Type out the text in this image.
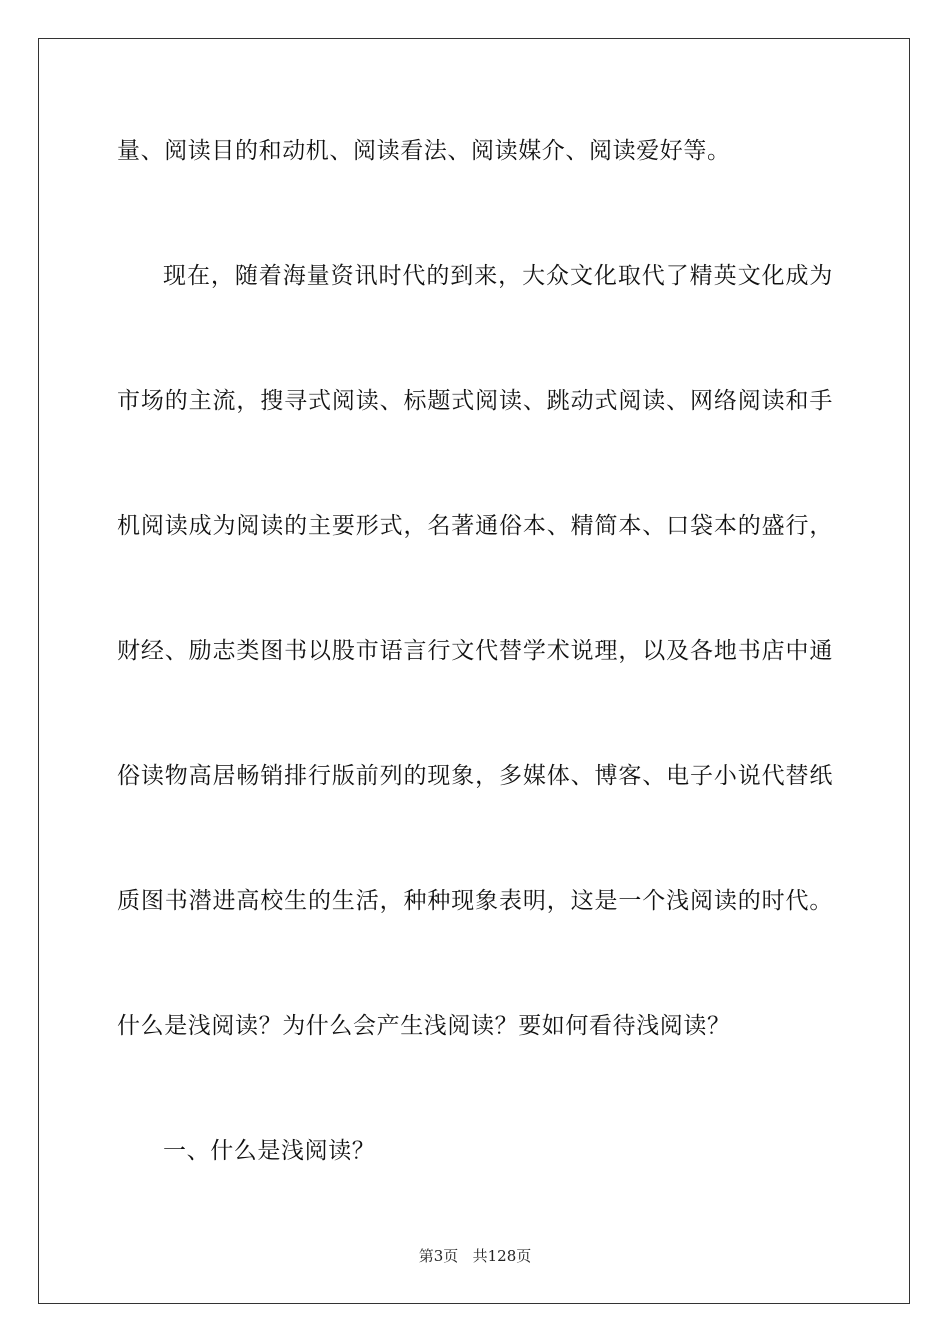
量、阅读目的和动机、阅读看法、阅读媒介、阅读爱好等。
现在，随着海量资讯时代的到来，大众文化取代了精英文化成为
市场的主流，搜寻式阅读、标题式阅读、跳动式阅读、网络阅读和手
机阅读成为阅读的主要形式，名著通俗本、精简本、口袋本的盛行，
财经、励志类图书以股市语言行文代替学术说理，以及各地书店中通
俗读物高居畅销排行版前列的现象，多媒体、博客、电子小说代替纸
质图书潜进高校生的生活，种种现象表明，这是一个浅阅读的时代。
什么是浅阅读？为什么会产生浅阅读？要如何看待浅阅读？
一、什么是浅阅读？
第3页 共128页
